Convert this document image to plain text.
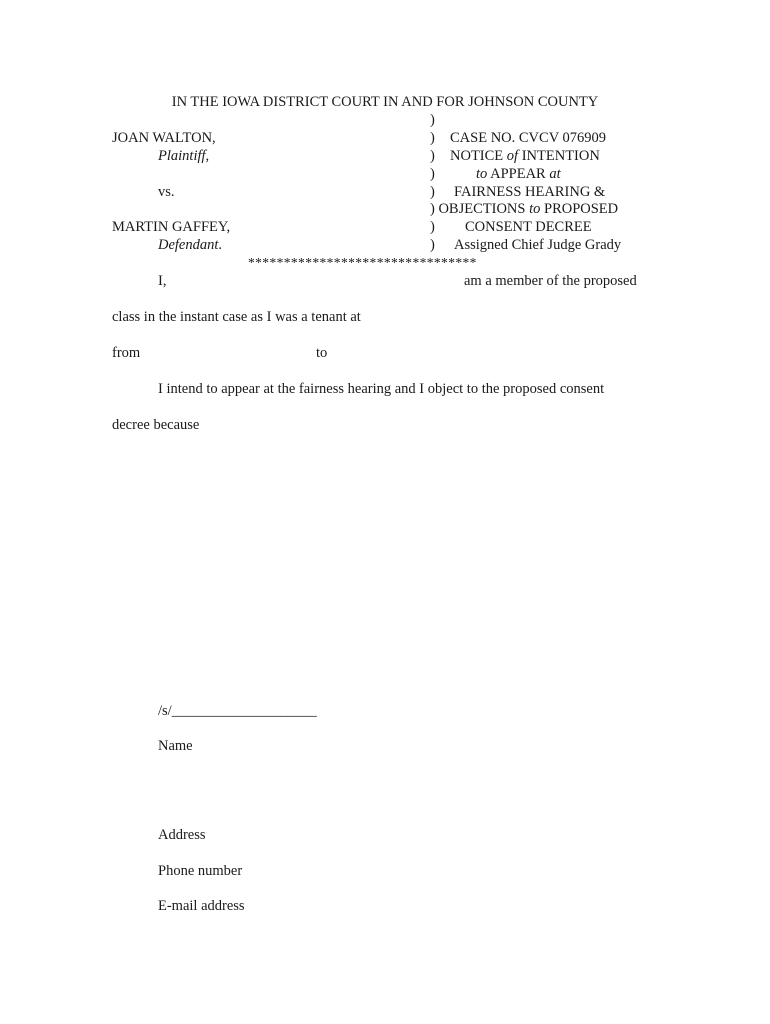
IN THE IOWA DISTRICT COURT IN AND FOR JOHNSON COUNTY
JOAN WALTON,
Plaintiff,
vs.
MARTIN GAFFEY,
Defendant.
)
)
)
)
)
)
)
CASE NO. CVCV 076909
NOTICE of INTENTION
to APPEAR at
FAIRNESS HEARING &
) OBJECTIONS to PROPOSED
CONSENT DECREE
Assigned Chief Judge Grady
********************************
I,	am a member of the proposed
class in the instant case as I was a tenant at
from	to
I intend to appear at the fairness hearing and I object to the proposed consent
decree because
/s/____________________
Name
Address
Phone number
E-mail address
